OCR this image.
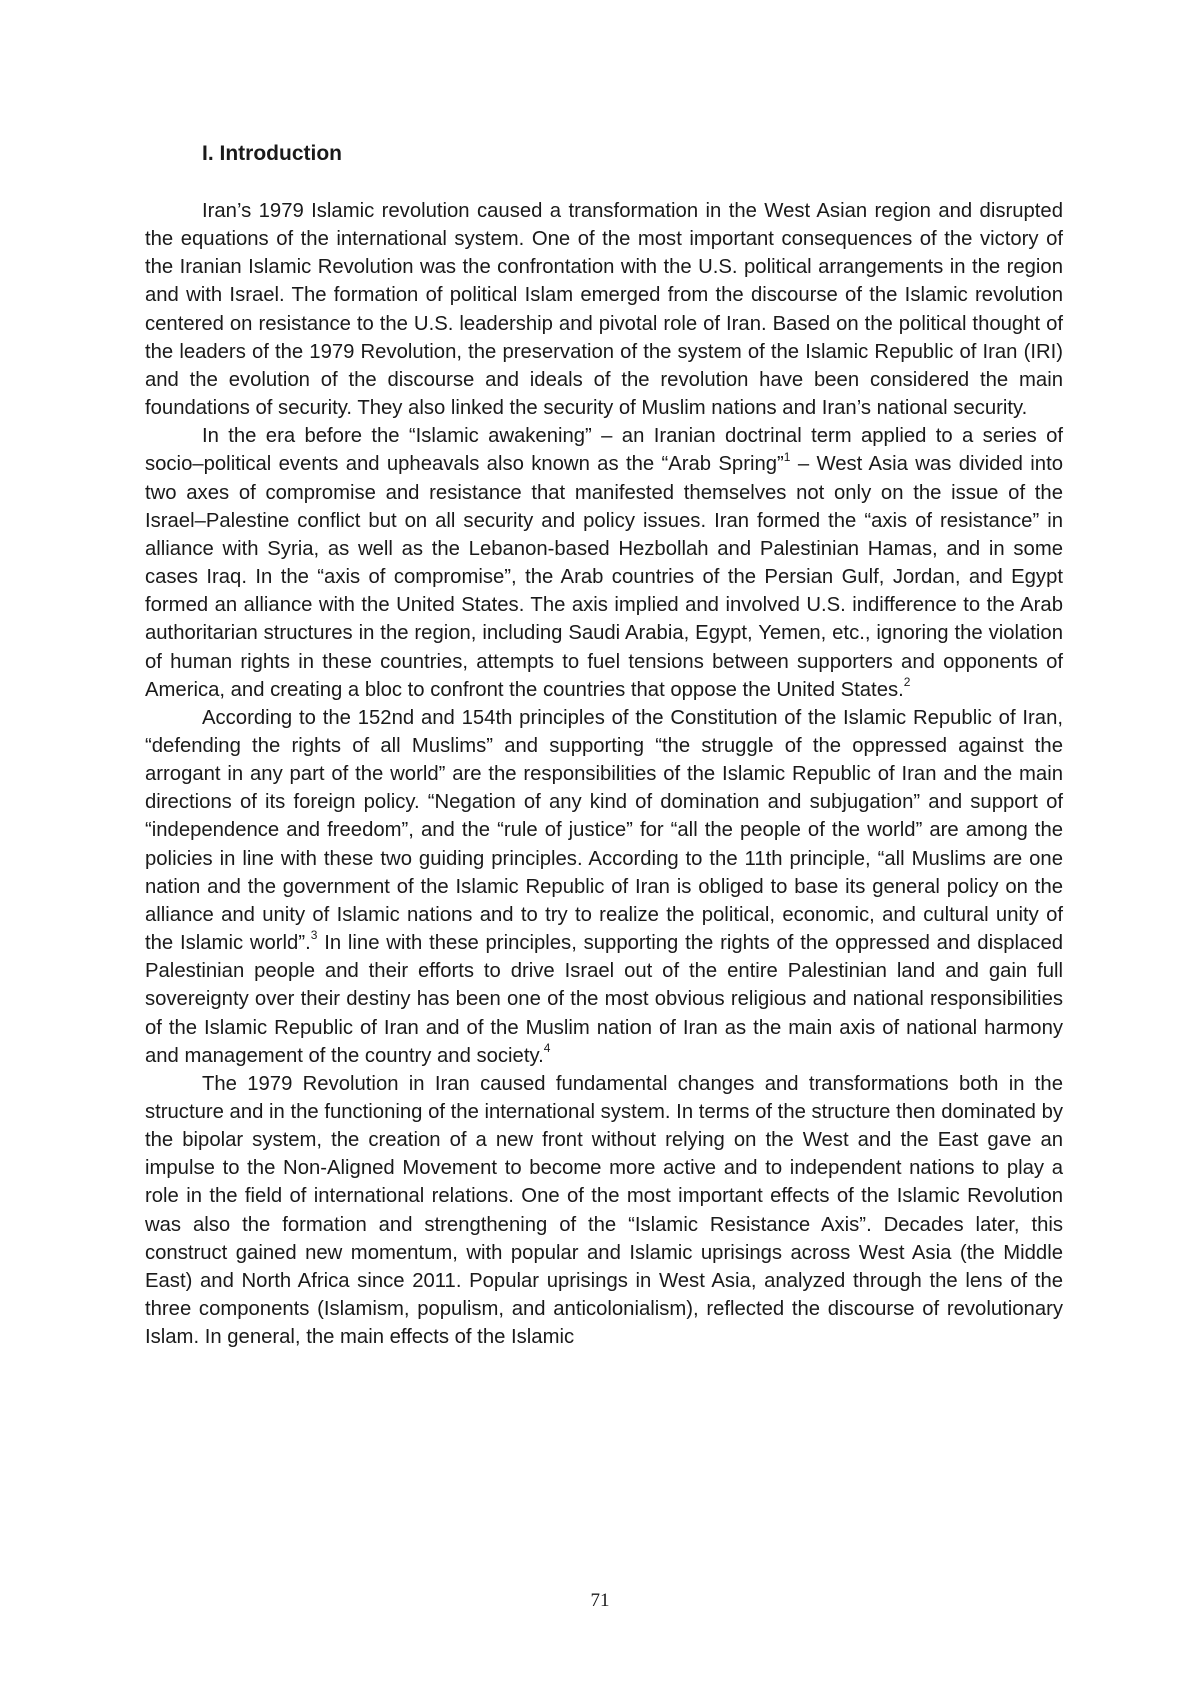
I. Introduction

Iran’s 1979 Islamic revolution caused a transformation in the West Asian region and disrupted the equations of the international system. One of the most important consequences of the victory of the Iranian Islamic Revolution was the confrontation with the U.S. political arrangements in the region and with Israel. The formation of political Islam emerged from the discourse of the Islamic revolution centered on resistance to the U.S. leadership and pivotal role of Iran. Based on the political thought of the leaders of the 1979 Revolution, the preservation of the system of the Islamic Republic of Iran (IRI) and the evolution of the discourse and ideals of the revolution have been considered the main foundations of security. They also linked the security of Muslim nations and Iran’s national security.

In the era before the “Islamic awakening” – an Iranian doctrinal term applied to a series of socio–political events and upheavals also known as the “Arab Spring”$^1$ – West Asia was divided into two axes of compromise and resistance that manifested themselves not only on the issue of the Israel–Palestine conflict but on all security and policy issues. Iran formed the “axis of resistance” in alliance with Syria, as well as the Lebanon-based Hezbollah and Palestinian Hamas, and in some cases Iraq. In the “axis of compromise”, the Arab countries of the Persian Gulf, Jordan, and Egypt formed an alliance with the United States. The axis implied and involved U.S. indifference to the Arab authoritarian structures in the region, including Saudi Arabia, Egypt, Yemen, etc., ignoring the violation of human rights in these countries, attempts to fuel tensions between supporters and opponents of America, and creating a bloc to confront the countries that oppose the United States.$^2$

According to the 152nd and 154th principles of the Constitution of the Islamic Republic of Iran, “defending the rights of all Muslims” and supporting “the struggle of the oppressed against the arrogant in any part of the world” are the responsibilities of the Islamic Republic of Iran and the main directions of its foreign policy. “Negation of any kind of domination and subjugation” and support of “independence and freedom”, and the “rule of justice” for “all the people of the world” are among the policies in line with these two guiding principles. According to the 11th principle, “all Muslims are one nation and the government of the Islamic Republic of Iran is obliged to base its general policy on the alliance and unity of Islamic nations and to try to realize the political, economic, and cultural unity of the Islamic world”.$^3$ In line with these principles, supporting the rights of the oppressed and displaced Palestinian people and their efforts to drive Israel out of the entire Palestinian land and gain full sovereignty over their destiny has been one of the most obvious religious and national responsibilities of the Islamic Republic of Iran and of the Muslim nation of Iran as the main axis of national harmony and management of the country and society.$^4$

The 1979 Revolution in Iran caused fundamental changes and transformations both in the structure and in the functioning of the international system. In terms of the structure then dominated by the bipolar system, the creation of a new front without relying on the West and the East gave an impulse to the Non-Aligned Movement to become more active and to independent nations to play a role in the field of international relations. One of the most important effects of the Islamic Revolution was also the formation and strengthening of the “Islamic Resistance Axis”. Decades later, this construct gained new momentum, with popular and Islamic uprisings across West Asia (the Middle East) and North Africa since 2011. Popular uprisings in West Asia, analyzed through the lens of the three components (Islamism, populism, and anticolonialism), reflected the discourse of revolutionary Islam. In general, the main effects of the Islamic

71
